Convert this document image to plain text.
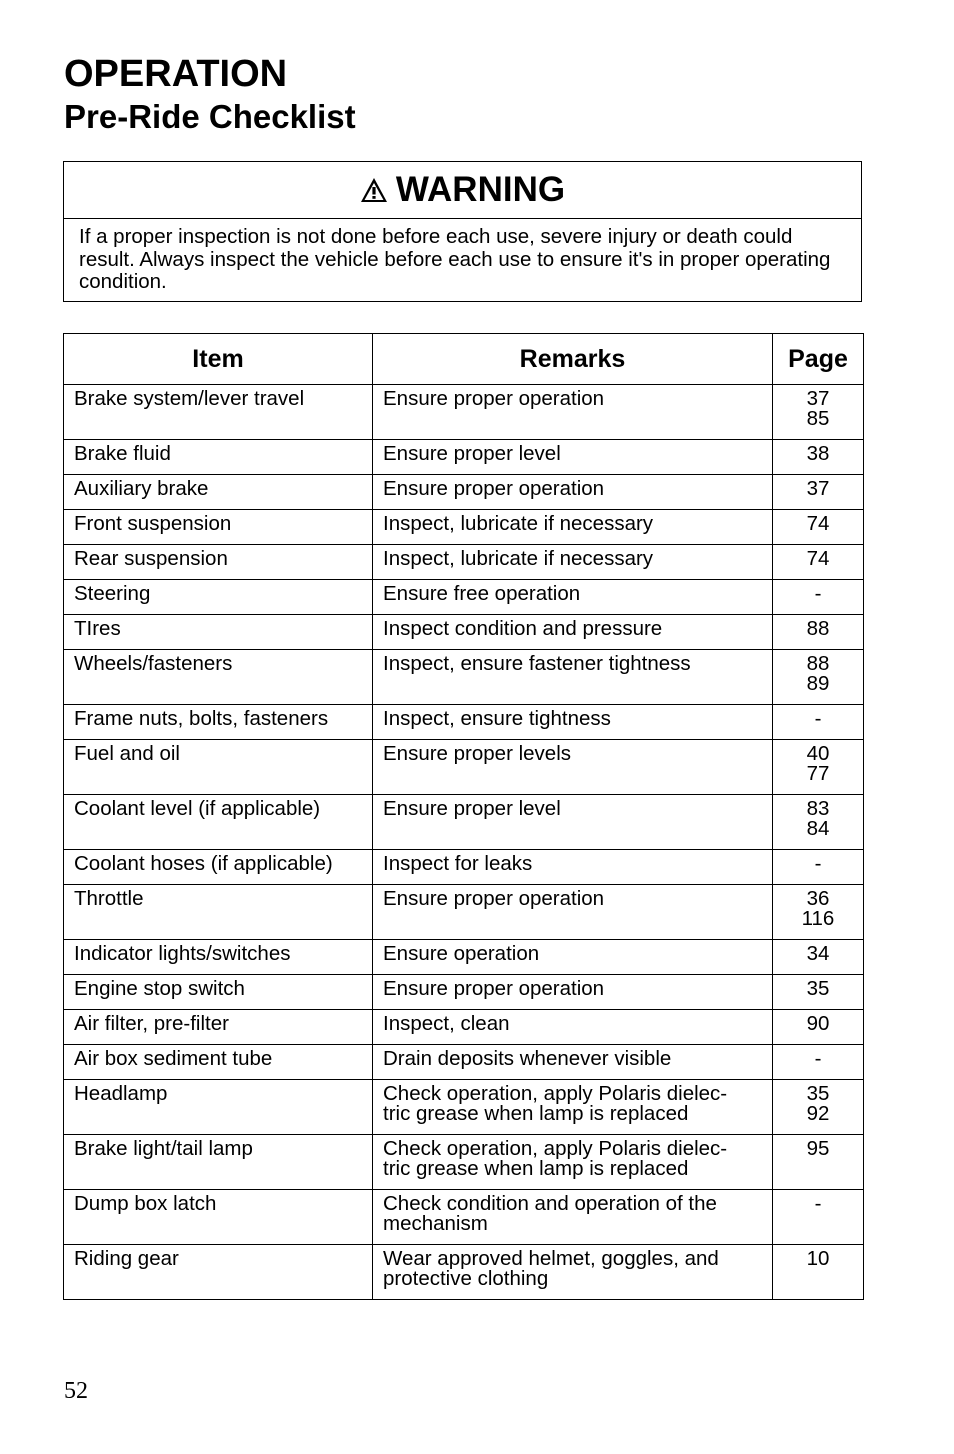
OPERATION
Pre-Ride Checklist
WARNING
If a proper inspection is not done before each use, severe injury or death could result. Always inspect the vehicle before each use to ensure it's in proper operating condition.
Item	Remarks	Page
Brake system/lever travel	Ensure proper operation	37
85

Brake fluid	Ensure proper level	38

Auxiliary brake	Ensure proper operation	37

Front suspension	Inspect, lubricate if necessary	74

Rear suspension	Inspect, lubricate if necessary	74

Steering	Ensure free operation	-

TIres	Inspect condition and pressure	88

Wheels/fasteners	Inspect, ensure fastener tightness	88
89

Frame nuts, bolts, fasteners	Inspect, ensure tightness	-

Fuel and oil	Ensure proper levels	40
77

Coolant level (if applicable)	Ensure proper level	83
84

Coolant hoses (if applicable)	Inspect for leaks	-

Throttle	Ensure proper operation	36
116

Indicator lights/switches	Ensure operation	34

Engine stop switch	Ensure proper operation	35

Air filter, pre-filter	Inspect, clean	90

Air box sediment tube	Drain deposits whenever visible	-

Headlamp	Check operation, apply Polaris dielec-
tric grease when lamp is replaced	35
92

Brake light/tail lamp	Check operation, apply Polaris dielec-
tric grease when lamp is replaced	95

Dump box latch	Check condition and operation of the
mechanism	-

Riding gear	Wear approved helmet, goggles, and
protective clothing	10

52
